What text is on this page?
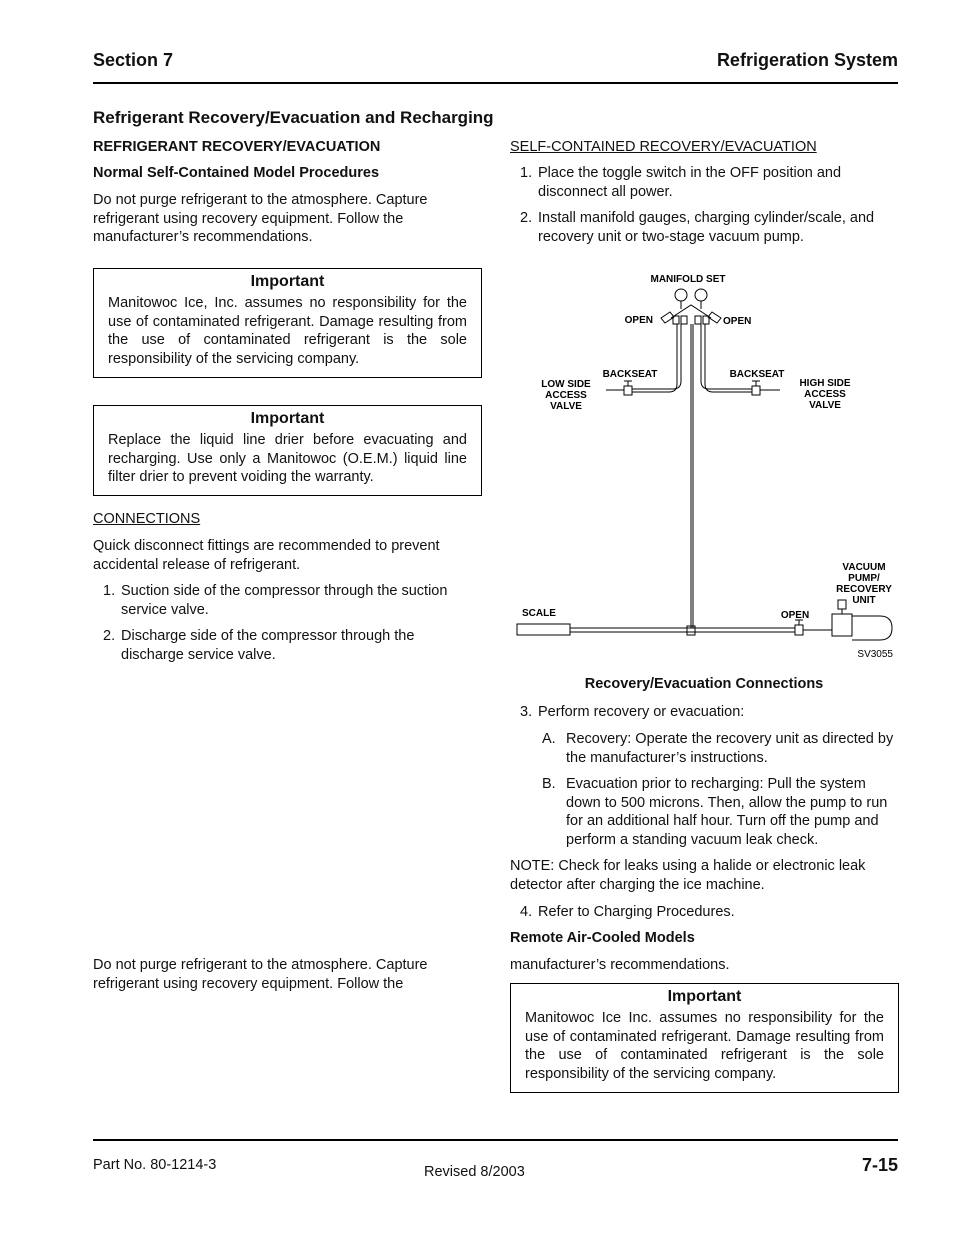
Section 7	Refrigeration System
Refrigerant Recovery/Evacuation and Recharging
REFRIGERANT RECOVERY/EVACUATION
Normal Self-Contained Model Procedures
Do not purge refrigerant to the atmosphere. Capture refrigerant using recovery equipment. Follow the manufacturer’s recommendations.
Important
Manitowoc Ice, Inc. assumes no responsibility for the use of contaminated refrigerant. Damage resulting from the use of contaminated refrigerant is the sole responsibility of the servicing company.
Important
Replace the liquid line drier before evacuating and recharging. Use only a Manitowoc (O.E.M.) liquid line filter drier to prevent voiding the warranty.
CONNECTIONS
Quick disconnect fittings are recommended to prevent accidental release of refrigerant.
1. Suction side of the compressor through the suction service valve.
2. Discharge side of the compressor through the discharge service valve.
Do not purge refrigerant to the atmosphere. Capture refrigerant using recovery equipment. Follow the
SELF-CONTAINED RECOVERY/EVACUATION
1. Place the toggle switch in the OFF position and disconnect all power.
2. Install manifold gauges, charging cylinder/scale, and recovery unit or two-stage vacuum pump.
MANIFOLD SET
OPEN	OPEN
BACKSEAT	BACKSEAT
LOW SIDE
ACCESS
VALVE
HIGH SIDE
ACCESS
VALVE
VACUUM
PUMP/
RECOVERY
UNIT
SCALE	OPEN
SV3055
Recovery/Evacuation Connections
3. Perform recovery or evacuation:
A. Recovery: Operate the recovery unit as directed by the manufacturer’s instructions.
B. Evacuation prior to recharging: Pull the system down to 500 microns. Then, allow the pump to run for an additional half hour. Turn off the pump and perform a standing vacuum leak check.
NOTE: Check for leaks using a halide or electronic leak detector after charging the ice machine.
4. Refer to Charging Procedures.
Remote Air-Cooled Models
manufacturer’s recommendations.
Important
Manitowoc Ice Inc. assumes no responsibility for the use of contaminated refrigerant. Damage resulting from the use of contaminated refrigerant is the sole responsibility of the servicing company.
Part No. 80-1214-3	Revised 8/2003	7-15
